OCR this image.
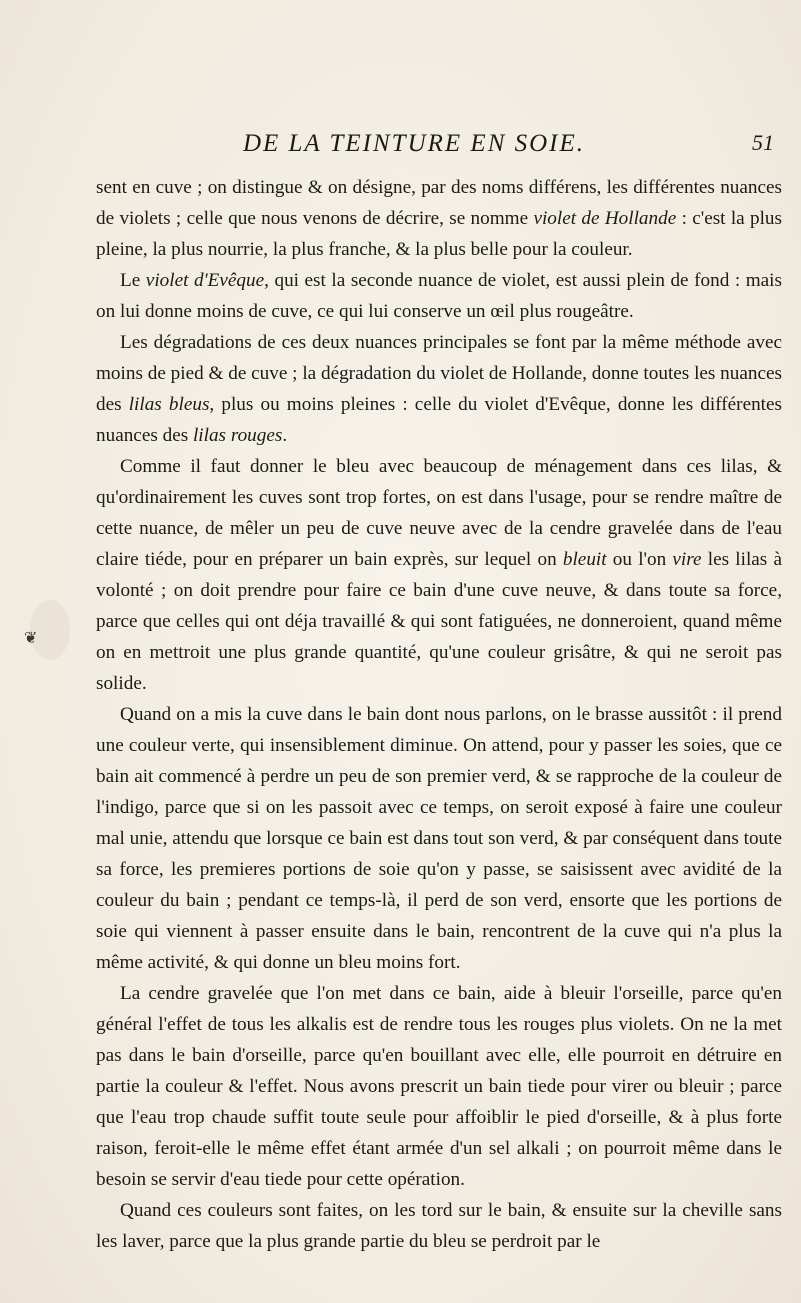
DE LA TEINTURE EN SOIE.	51
❦

sent en cuve ; on distingue & on désigne, par des noms différens, les différentes nuances de violets ; celle que nous venons de décrire, se nomme violet de Hollande : c'est la plus pleine, la plus nourrie, la plus franche, & la plus belle pour la couleur.

Le violet d'Evêque, qui est la seconde nuance de violet, est aussi plein de fond : mais on lui donne moins de cuve, ce qui lui conserve un œil plus rougeâtre.

Les dégradations de ces deux nuances principales se font par la même méthode avec moins de pied & de cuve ; la dégradation du violet de Hollande, donne toutes les nuances des lilas bleus, plus ou moins pleines : celle du violet d'Evêque, donne les différentes nuances des lilas rouges.

Comme il faut donner le bleu avec beaucoup de ménagement dans ces lilas, & qu'ordinairement les cuves sont trop fortes, on est dans l'usage, pour se rendre maître de cette nuance, de mêler un peu de cuve neuve avec de la cendre gravelée dans de l'eau claire tiéde, pour en préparer un bain exprès, sur lequel on bleuit ou l'on vire les lilas à volonté ; on doit prendre pour faire ce bain d'une cuve neuve, & dans toute sa force, parce que celles qui ont déja travaillé & qui sont fatiguées, ne donneroient, quand même on en mettroit une plus grande quantité, qu'une couleur grisâtre, & qui ne seroit pas solide.

Quand on a mis la cuve dans le bain dont nous parlons, on le brasse aussitôt : il prend une couleur verte, qui insensiblement diminue. On attend, pour y passer les soies, que ce bain ait commencé à perdre un peu de son premier verd, & se rapproche de la couleur de l'indigo, parce que si on les passoit avec ce temps, on seroit exposé à faire une couleur mal unie, attendu que lorsque ce bain est dans tout son verd, & par conséquent dans toute sa force, les premieres portions de soie qu'on y passe, se saisissent avec avidité de la couleur du bain ; pendant ce temps-là, il perd de son verd, ensorte que les portions de soie qui viennent à passer ensuite dans le bain, rencontrent de la cuve qui n'a plus la même activité, & qui donne un bleu moins fort.

La cendre gravelée que l'on met dans ce bain, aide à bleuir l'orseille, parce qu'en général l'effet de tous les alkalis est de rendre tous les rouges plus violets. On ne la met pas dans le bain d'orseille, parce qu'en bouillant avec elle, elle pourroit en détruire en partie la couleur & l'effet. Nous avons prescrit un bain tiede pour virer ou bleuir ; parce que l'eau trop chaude suffit toute seule pour affoiblir le pied d'orseille, & à plus forte raison, feroit-elle le même effet étant armée d'un sel alkali ; on pourroit même dans le besoin se servir d'eau tiede pour cette opération.

Quand ces couleurs sont faites, on les tord sur le bain, & ensuite sur la cheville sans les laver, parce que la plus grande partie du bleu se perdroit par le
